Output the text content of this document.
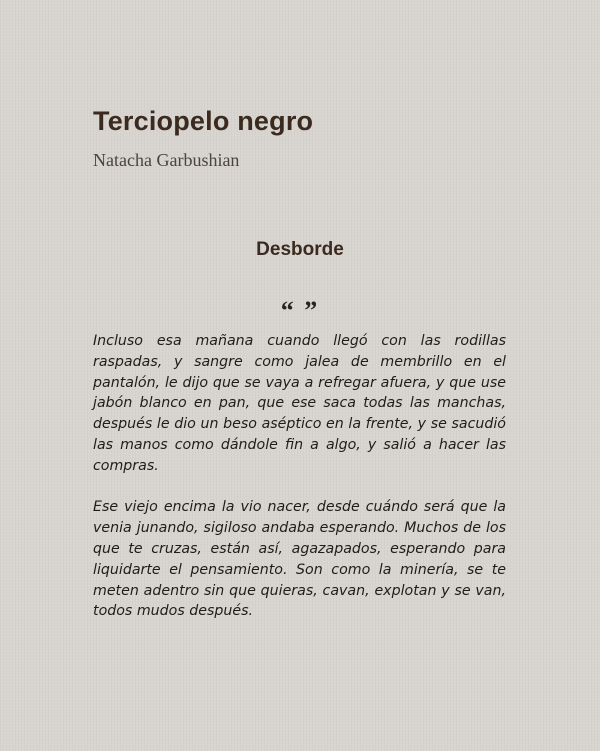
Terciopelo negro

Natacha Garbushian

Desborde
“ ”

Incluso esa mañana cuando llegó con las rodillas raspadas, y sangre como jalea de membrillo en el pantalón, le dijo que se vaya a refregar afuera, y que use jabón blanco en pan, que ese saca todas las manchas, después le dio un beso aséptico en la frente, y se sacudió las manos como dándole fin a algo, y salió a hacer las compras.

Ese viejo encima la vio nacer, desde cuándo será que la venia junando, sigiloso andaba esperando. Muchos de los que te cruzas, están así, agazapados, esperando para liquidarte el pensamiento. Son como la minería, se te meten adentro sin que quieras, cavan, explotan y se van, todos mudos después.
